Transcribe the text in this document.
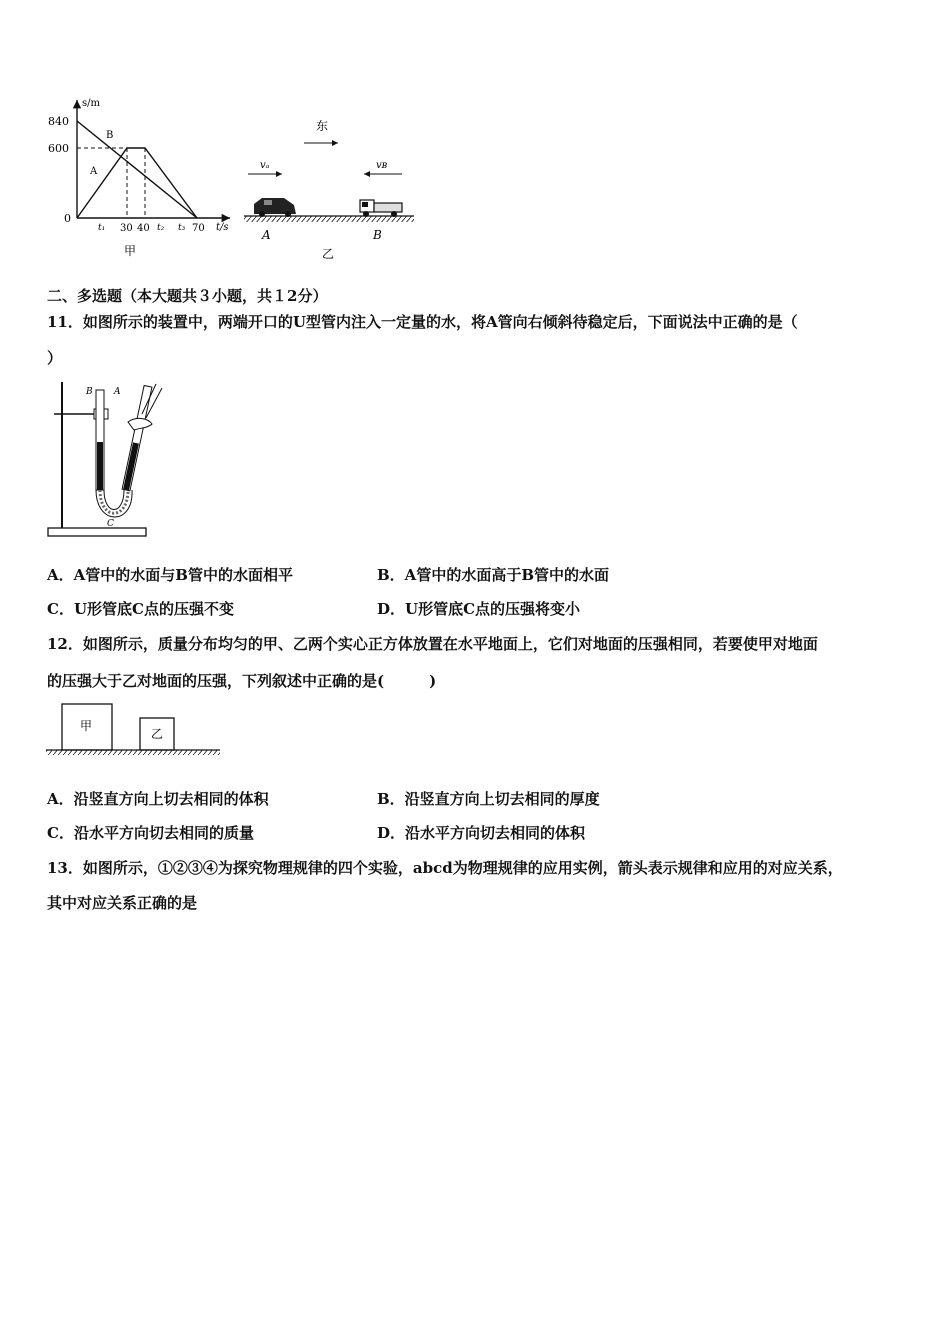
s/m
t/s
840
600
0
t₁ 30 40 t₂ t₃ 70
B
A
甲
东
vₐ	vʙ
A	B
乙
二、多选题（本大题共３小题，共１2分）
11．如图所示的装置中，两端开口的U型管内注入一定量的水，将A管向右倾斜待稳定后，下面说法中正确的是（
）
B A
C
A．A管中的水面与B管中的水面相平	B．A管中的水面高于B管中的水面
C．U形管底C点的压强不变	D．U形管底C点的压强将变小
12．如图所示，质量分布均匀的甲、乙两个实心正方体放置在水平地面上，它们对地面的压强相同，若要使甲对地面
的压强大于乙对地面的压强，下列叙述中正确的是(　　　)
甲
乙
A．沿竖直方向上切去相同的体积	B．沿竖直方向上切去相同的厚度
C．沿水平方向切去相同的质量	D．沿水平方向切去相同的体积
13．如图所示，①②③④为探究物理规律的四个实验，abcd为物理规律的应用实例，箭头表示规律和应用的对应关系，
其中对应关系正确的是
